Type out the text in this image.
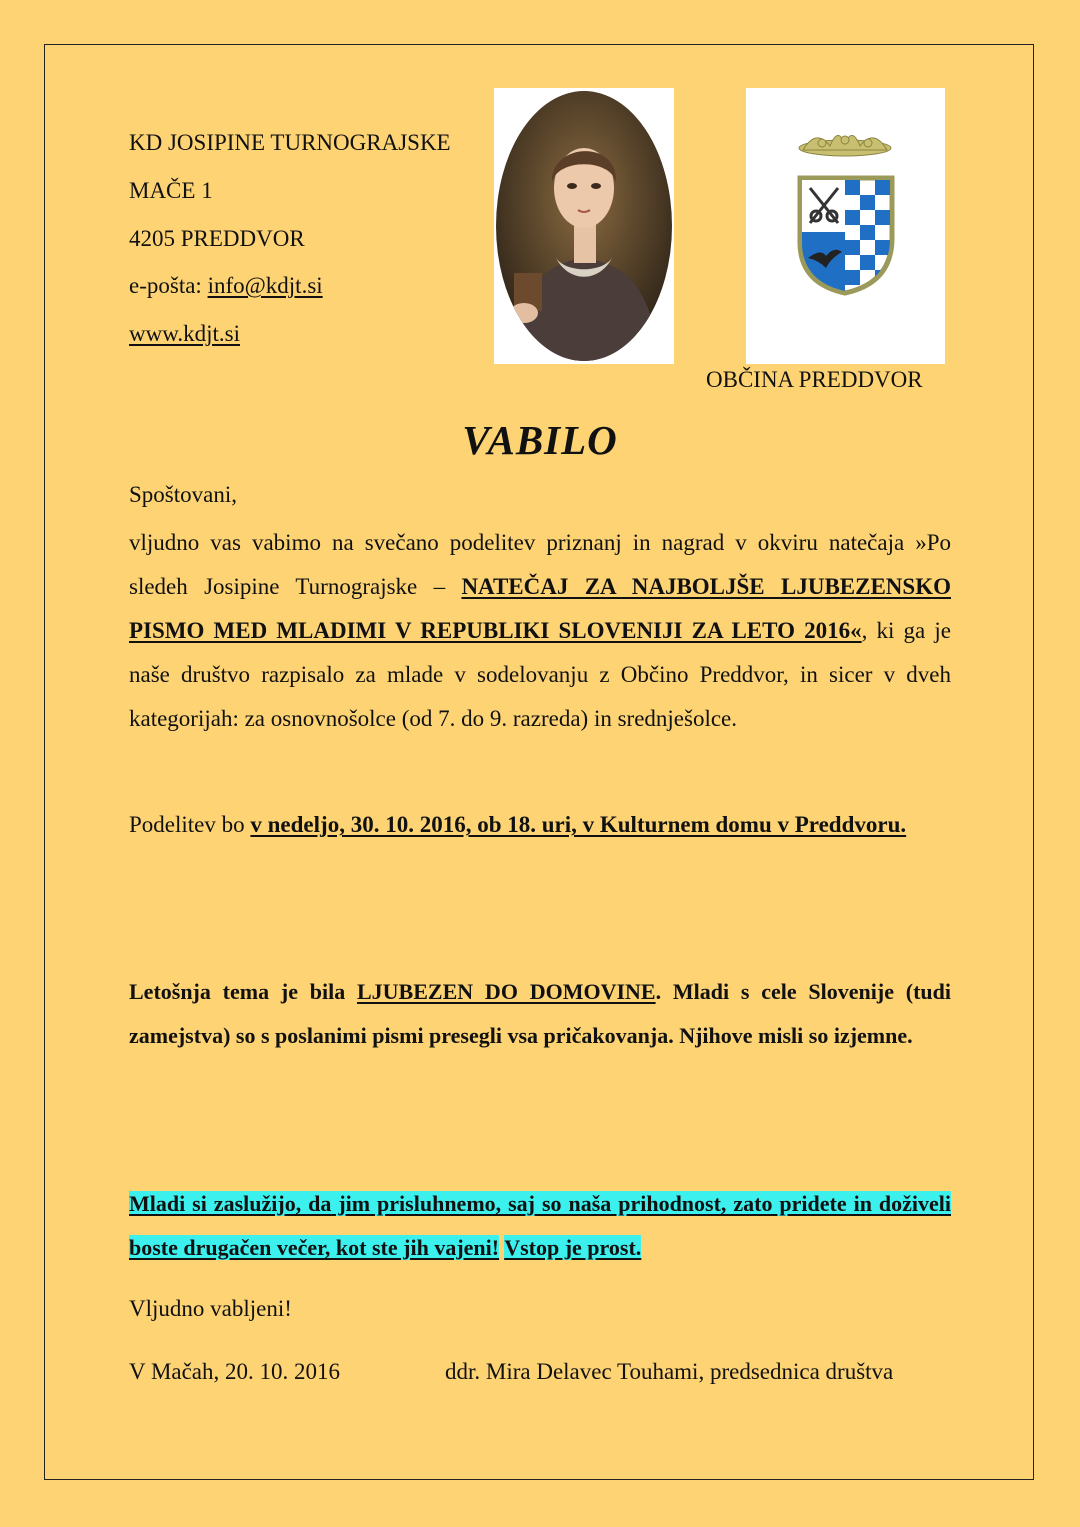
KD JOSIPINE TURNOGRAJSKE
MAČE 1
4205 PREDDVOR
e-pošta: info@kdjt.si
www.kdjt.si
OBČINA PREDDVOR
VABILO
Spoštovani,
vljudno vas vabimo na svečano podelitev priznanj in nagrad v okviru natečaja »Po sledeh Josipine Turnograjske – NATEČAJ ZA NAJBOLJŠE LJUBEZENSKO PISMO MED MLADIMI V REPUBLIKI SLOVENIJI ZA LETO 2016«, ki ga je naše društvo razpisalo za mlade v sodelovanju z Občino Preddvor, in sicer v dveh kategorijah: za osnovnošolce (od 7. do 9. razreda) in srednješolce.
Podelitev bo v nedeljo, 30. 10. 2016, ob 18. uri, v Kulturnem domu v Preddvoru.
Letošnja tema je bila LJUBEZEN DO DOMOVINE. Mladi s cele Slovenije (tudi zamejstva) so s poslanimi pismi presegli vsa pričakovanja. Njihove misli so izjemne.
Mladi si zaslužijo, da jim prisluhnemo, saj so naša prihodnost, zato pridete in doživeli boste drugačen večer, kot ste jih vajeni! Vstop je prost.
Vljudno vabljeni!
V Mačah, 20. 10. 2016	ddr. Mira Delavec Touhami, predsednica društva
